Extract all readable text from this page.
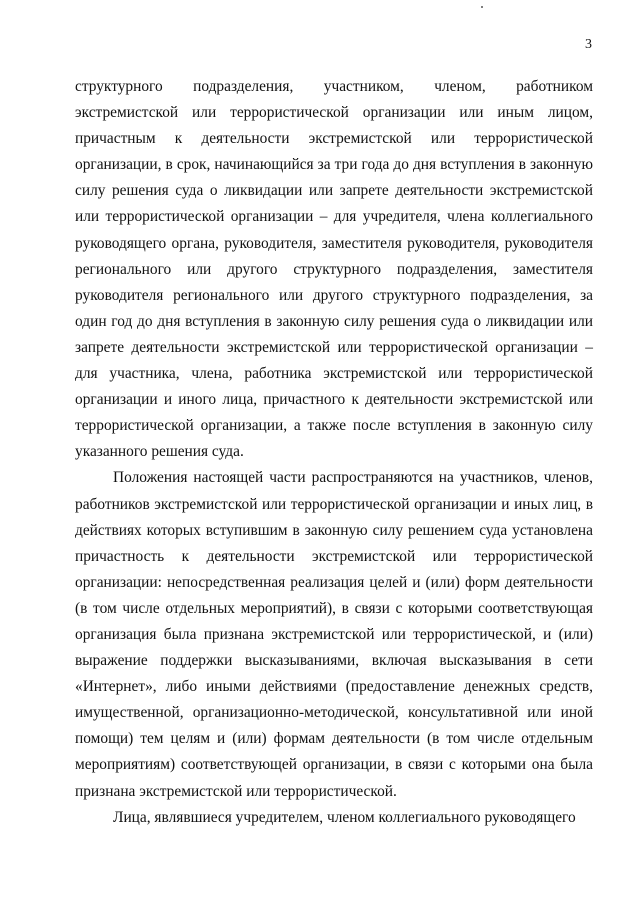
3

структурного подразделения, участником, членом, работником экстремистской или террористической организации или иным лицом, причастным к деятельности экстремистской или террористической организации, в срок, начинающийся за три года до дня вступления в законную силу решения суда о ликвидации или запрете деятельности экстремистской или террористической организации – для учредителя, члена коллегиального руководящего органа, руководителя, заместителя руководителя, руководителя регионального или другого структурного подразделения, заместителя руководителя регионального или другого структурного подразделения, за один год до дня вступления в законную силу решения суда о ликвидации или запрете деятельности экстремистской или террористической организации – для участника, члена, работника экстремистской или террористической организации и иного лица, причастного к деятельности экстремистской или террористической организации, а также после вступления в законную силу указанного решения суда.

Положения настоящей части распространяются на участников, членов, работников экстремистской или террористической организации и иных лиц, в действиях которых вступившим в законную силу решением суда установлена причастность к деятельности экстремистской или террористической организации: непосредственная реализация целей и (или) форм деятельности (в том числе отдельных мероприятий), в связи с которыми соответствующая организация была признана экстремистской или террористической, и (или) выражение поддержки высказываниями, включая высказывания в сети «Интернет», либо иными действиями (предоставление денежных средств, имущественной, организационно-методической, консультативной или иной помощи) тем целям и (или) формам деятельности (в том числе отдельным мероприятиям) соответствующей организации, в связи с которыми она была признана экстремистской или террористической.

Лица, являвшиеся учредителем, членом коллегиального руководящего
